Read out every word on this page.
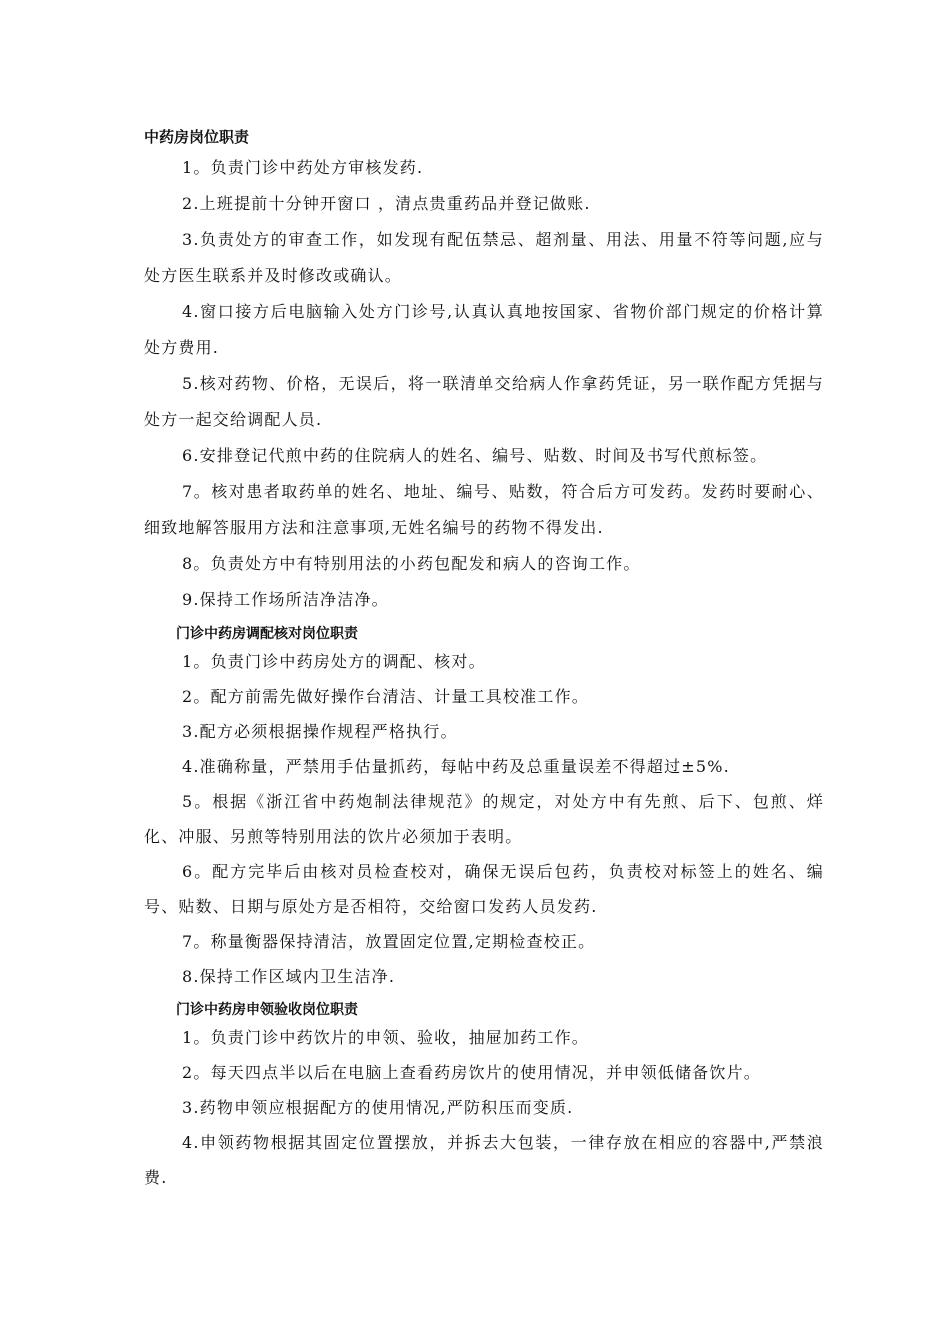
中药房岗位职责

1。负责门诊中药处方审核发药.

2.上班提前十分钟开窗口 ，清点贵重药品并登记做账.

3.负责处方的审查工作，如发现有配伍禁忌、超剂量、用法、用量不符等问题,应与处方医生联系并及时修改或确认。

4.窗口接方后电脑输入处方门诊号,认真认真地按国家、省物价部门规定的价格计算处方费用.

5.核对药物、价格，无误后，将一联清单交给病人作拿药凭证，另一联作配方凭据与处方一起交给调配人员.

6.安排登记代煎中药的住院病人的姓名、编号、贴数、时间及书写代煎标签。

7。核对患者取药单的姓名、地址、编号、贴数，符合后方可发药。发药时要耐心、细致地解答服用方法和注意事项,无姓名编号的药物不得发出.

8。负责处方中有特别用法的小药包配发和病人的咨询工作。

9.保持工作场所洁净洁净。

门诊中药房调配核对岗位职责

1。负责门诊中药房处方的调配、核对。

2。配方前需先做好操作台清洁、计量工具校准工作。

3.配方必须根据操作规程严格执行。

4.准确称量，严禁用手估量抓药，每帖中药及总重量误差不得超过±5%.

5。根据《浙江省中药炮制法律规范》的规定，对处方中有先煎、后下、包煎、烊化、冲服、另煎等特别用法的饮片必须加于表明。

6。配方完毕后由核对员检查校对，确保无误后包药，负责校对标签上的姓名、编号、贴数、日期与原处方是否相符，交给窗口发药人员发药.

7。称量衡器保持清洁，放置固定位置,定期检查校正。

8.保持工作区域内卫生洁净.

门诊中药房申领验收岗位职责

1。负责门诊中药饮片的申领、验收，抽屉加药工作。

2。每天四点半以后在电脑上查看药房饮片的使用情况，并申领低储备饮片。

3.药物申领应根据配方的使用情况,严防积压而变质.

4.申领药物根据其固定位置摆放，并拆去大包装，一律存放在相应的容器中,严禁浪费.
